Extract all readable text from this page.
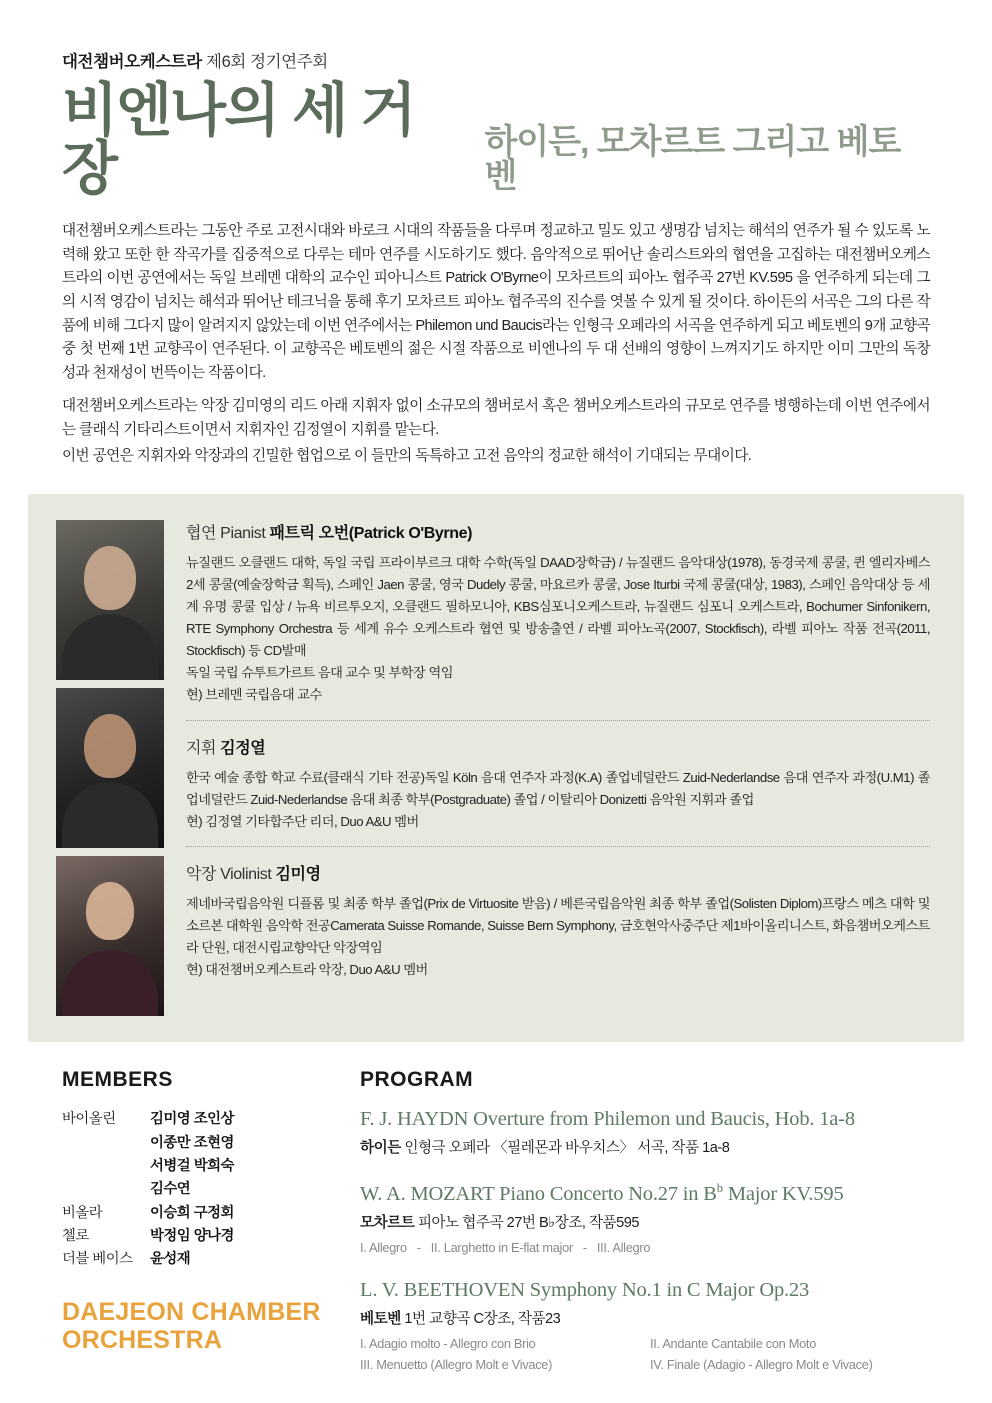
대전챔버오케스트라 제6회 정기연주회
비엔나의 세 거장	하이든, 모차르트 그리고 베토벤

대전챔버오케스트라는 그동안 주로 고전시대와 바로크 시대의 작품들을 다루며 정교하고 밀도 있고 생명감 넘치는 해석의 연주가 될 수 있도록 노력해 왔고 또한 한 작곡가를 집중적으로 다루는 테마 연주를 시도하기도 했다. 음악적으로 뛰어난 솔리스트와의 협연을 고집하는 대전챔버오케스트라의 이번 공연에서는 독일 브레멘 대학의 교수인 피아니스트 Patrick O'Byrne이 모차르트의 피아노 협주곡 27번 KV.595 을 연주하게 되는데 그의 시적 영감이 넘치는 해석과 뛰어난 테크닉을 통해 후기 모차르트 피아노 협주곡의 진수를 엿볼 수 있게 될 것이다. 하이든의 서곡은 그의 다른 작품에 비해 그다지 많이 알려지지 않았는데 이번 연주에서는 Philemon und Baucis라는 인형극 오페라의 서곡을 연주하게 되고 베토벤의 9개 교향곡 중 첫 번째 1번 교향곡이 연주된다. 이 교향곡은 베토벤의 젊은 시절 작품으로 비엔나의 두 대 선배의 영향이 느껴지기도 하지만 이미 그만의 독창성과 천재성이 번뜩이는 작품이다.

대전챔버오케스트라는 악장 김미영의 리드 아래 지휘자 없이 소규모의 챔버로서 혹은 챔버오케스트라의 규모로 연주를 병행하는데 이번 연주에서는 클래식 기타리스트이면서 지휘자인 김정열이 지휘를 맡는다.

이번 공연은 지휘자와 악장과의 긴밀한 협업으로 이 들만의 독특하고 고전 음악의 정교한 해석이 기대되는 무대이다.

협연 Pianist 패트릭 오번(Patrick O'Byrne)
뉴질랜드 오클랜드 대학, 독일 국립 프라이부르크 대학 수학(독일 DAAD장학금) / 뉴질랜드 음악대상(1978), 동경국제 콩쿨, 퀸 엘리자베스 2세 콩쿨(예술장학금 획득), 스페인 Jaen 콩쿨, 영국 Dudely 콩쿨, 마요르카 콩쿨, Jose Iturbi 국제 콩쿨(대상, 1983), 스페인 음악대상 등 세계 유명 콩쿨 입상 / 뉴욕 비르투오지, 오클랜드 필하모니아, KBS심포니오케스트라, 뉴질랜드 심포니 오케스트라, Bochumer Sinfonikern, RTE Symphony Orchestra 등 세계 유수 오케스트라 협연 및 방송출연 / 라벨 피아노곡(2007, Stockfisch), 라벨 피아노 작품 전곡(2011, Stockfisch) 등 CD발매
독일 국립 슈투트가르트 음대 교수 및 부학장 역임
현) 브레멘 국립음대 교수
지휘 김정열
한국 예술 종합 학교 수료(클래식 기타 전공)독일 Köln 음대 연주자 과정(K.A) 졸업네덜란드 Zuid-Nederlandse 음대 연주자 과정(U.M1) 졸업네덜란드 Zuid-Nederlandse 음대 최종 학부(Postgraduate) 졸업 / 이탈리아 Donizetti 음악원 지휘과 졸업
현) 김정열 기타합주단 리더, Duo A&U 멤버
악장 Violinist 김미영
제네바국립음악원 디플롬 및 최종 학부 졸업(Prix de Virtuosite 받음) / 베른국립음악원 최종 학부 졸업(Solisten Diplom)프랑스 메츠 대학 및 소르본 대학원 음악학 전공Camerata Suisse Romande, Suisse Bern Symphony, 금호현악사중주단 제1바이올리니스트, 화음챔버오케스트라 단원, 대전시립교향악단 악장역임
현) 대전챔버오케스트라 악장, Duo A&U 멤버
MEMBERS
바이올린	김미영 조인상
이종만 조현영
서병걸 박희숙
김수연
비올라	이승희 구정회
첼로	박정임 양나경
더블 베이스	윤성재
DAEJEON CHAMBER
ORCHESTRA
PROGRAM
F. J. HAYDN Overture from Philemon und Baucis, Hob. 1a-8
하이든 인형극 오페라 〈필레몬과 바우치스〉 서곡, 작품 1a-8
W. A. MOZART Piano Concerto No.27 in $B^b$ Major KV.595
모차르트 피아노 협주곡 27번 B♭장조, 작품595
I. Allegro - II. Larghetto in E-flat major - III. Allegro
L. V. BEETHOVEN Symphony No.1 in C Major Op.23
베토벤 1번 교향곡 C장조, 작품23
I. Adagio molto - Allegro con Brio	II. Andante Cantabile con Moto
III. Menuetto (Allegro Molt e Vivace)	IV. Finale (Adagio - Allegro Molt e Vivace)
